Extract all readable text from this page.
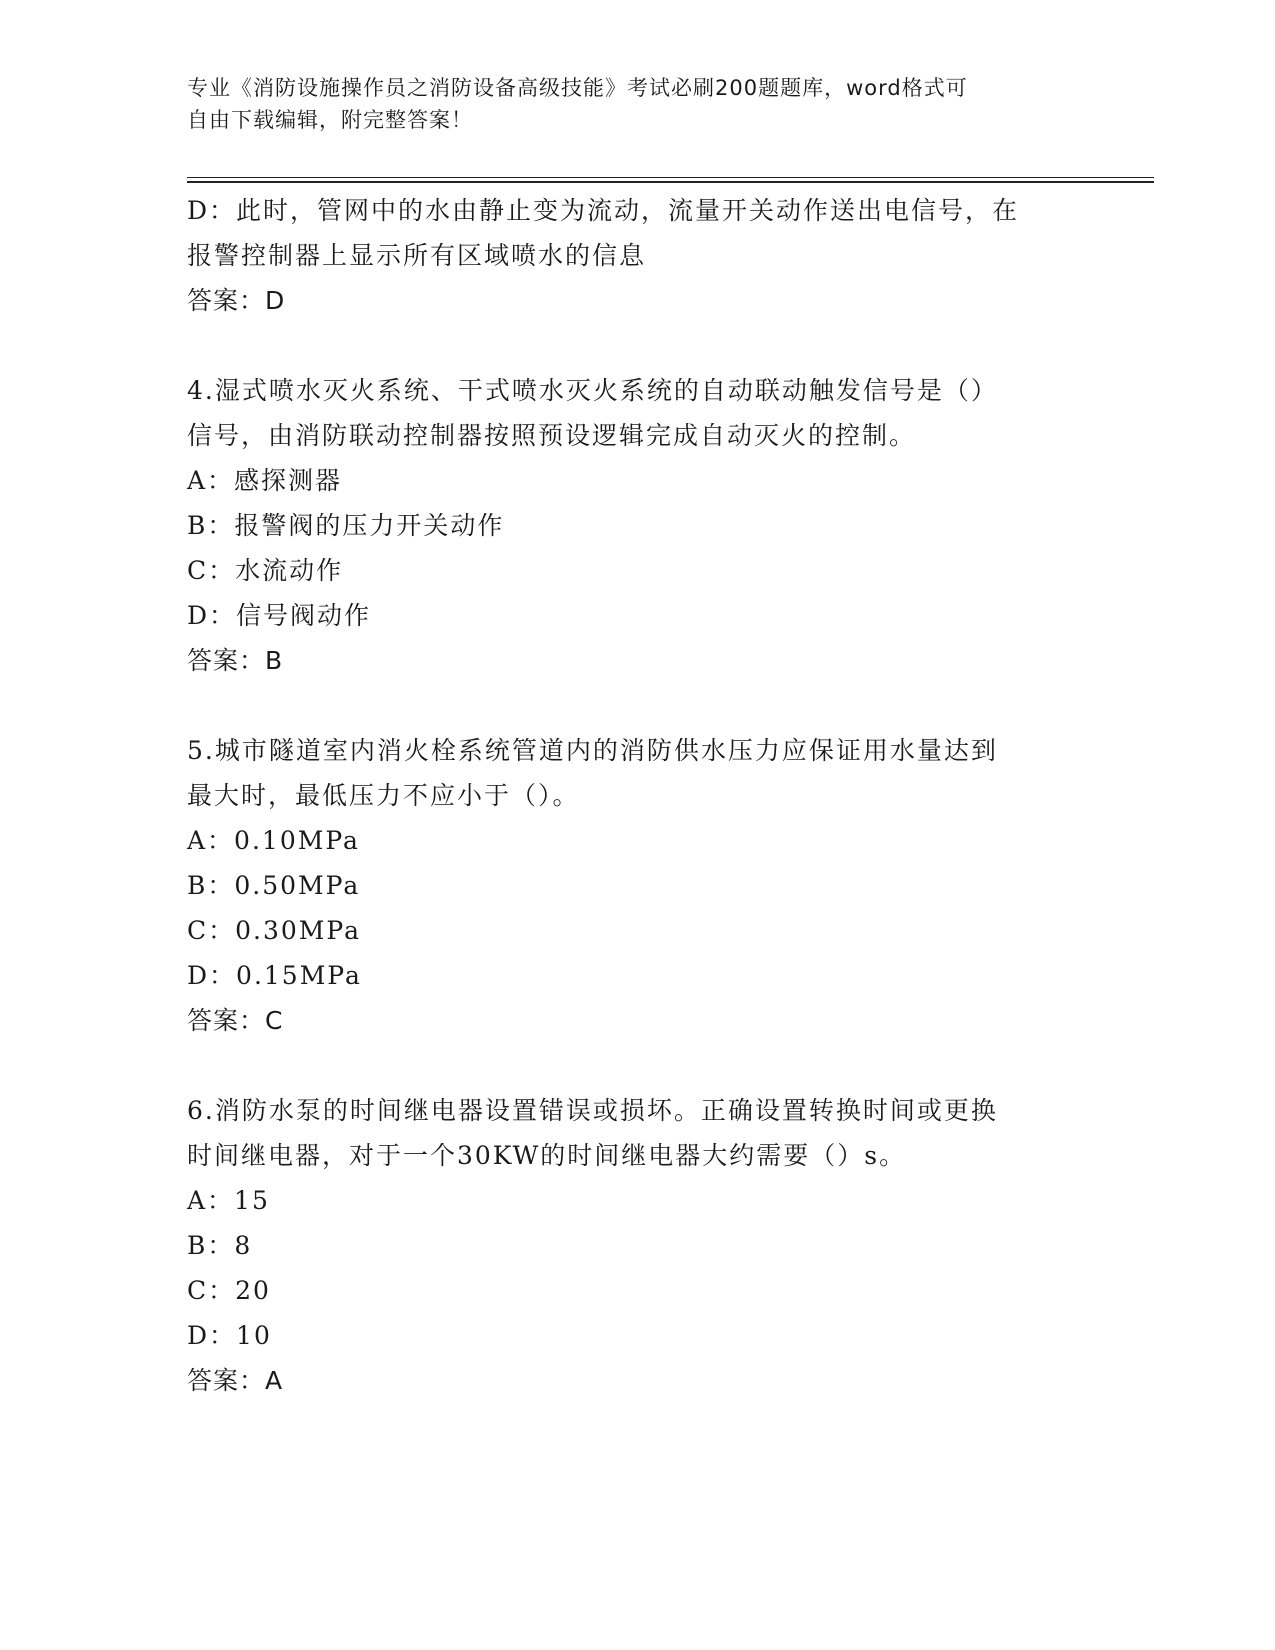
专业《消防设施操作员之消防设备高级技能》考试必刷200题题库，word格式可
自由下载编辑，附完整答案！

D：此时，管网中的水由静止变为流动，流量开关动作送出电信号，在

报警控制器上显示所有区域喷水的信息

答案：D

4.湿式喷水灭火系统、干式喷水灭火系统的自动联动触发信号是（）

信号，由消防联动控制器按照预设逻辑完成自动灭火的控制。

A：感探测器

B：报警阀的压力开关动作

C：水流动作

D：信号阀动作

答案：B

5.城市隧道室内消火栓系统管道内的消防供水压力应保证用水量达到

最大时，最低压力不应小于（）。

A：0.10MPa

B：0.50MPa

C：0.30MPa

D：0.15MPa

答案：C

6.消防水泵的时间继电器设置错误或损坏。正确设置转换时间或更换

时间继电器，对于一个30KW的时间继电器大约需要（）s。

A：15

B：8

C：20

D：10

答案：A
